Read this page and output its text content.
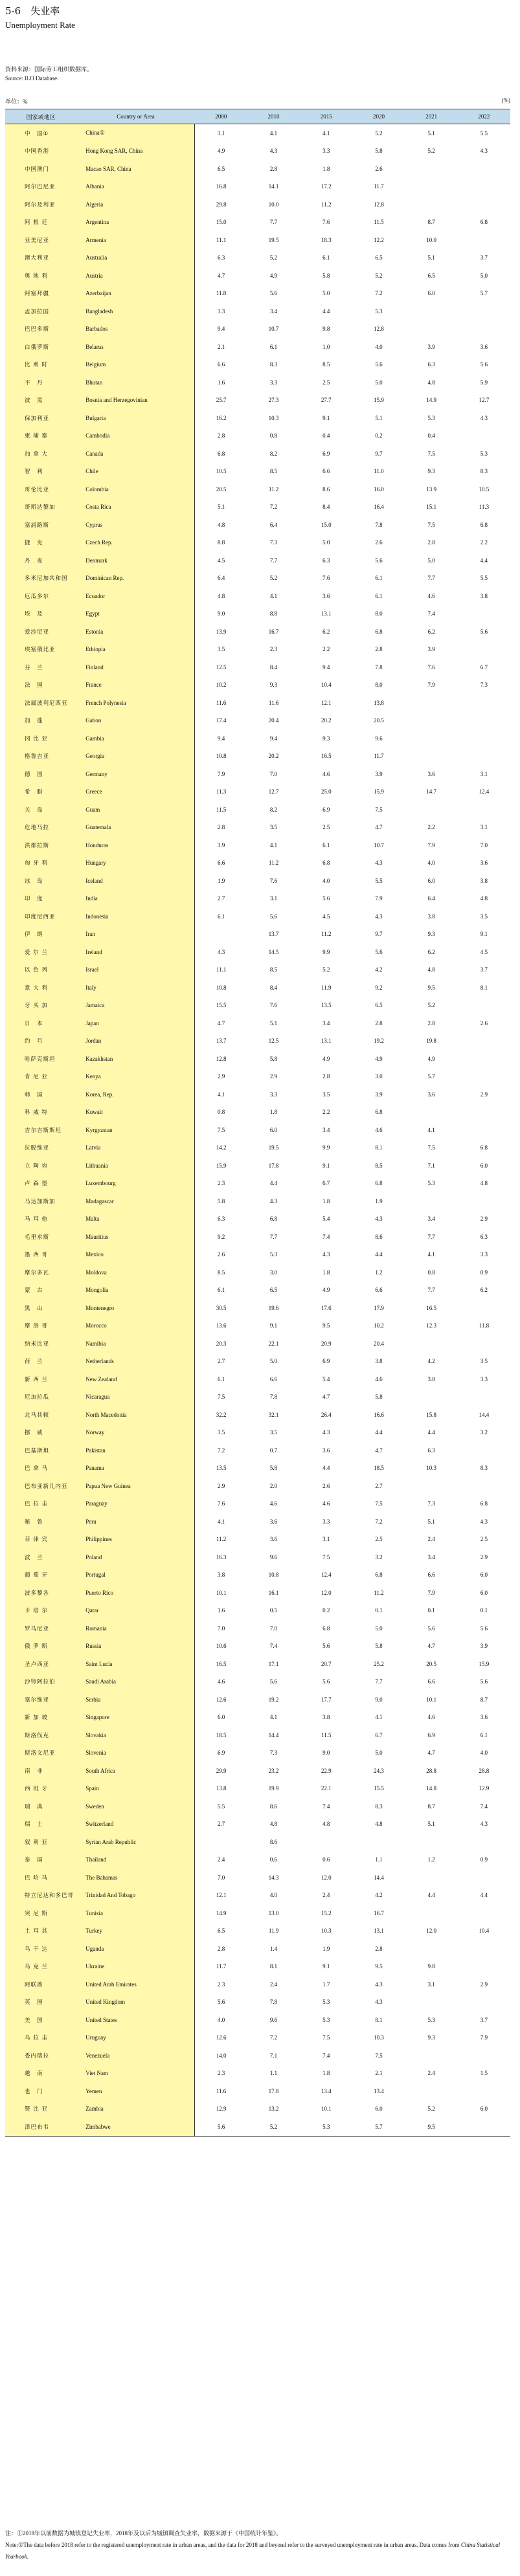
5-6 失业率
Unemployment Rate
资料来源：国际劳工组织数据库。
Source: ILO Database.
单位：%	(%)
国家或地区	Country or Area	2000	2010	2015	2020	2021	2022
中　国①	China①	3.1	4.1	4.1	5.2	5.1	5.5
中国香港	Hong Kong SAR, China	4.9	4.3	3.3	5.8	5.2	4.3
中国澳门	Macao SAR, China	6.5	2.8	1.8	2.6		
阿尔巴尼亚	Albania	16.8	14.1	17.2	11.7		
阿尔及利亚	Algeria	29.8	10.0	11.2	12.8		
阿 根 廷	Argentina	15.0	7.7	7.6	11.5	8.7	6.8
亚美尼亚	Armenia	11.1	19.5	18.3	12.2	10.0	
澳大利亚	Australia	6.3	5.2	6.1	6.5	5.1	3.7
奥 地 利	Austria	4.7	4.9	5.8	5.2	6.5	5.0
阿塞拜疆	Azerbaijan	11.8	5.6	5.0	7.2	6.0	5.7
孟加拉国	Bangladesh	3.3	3.4	4.4	5.3		
巴巴多斯	Barbados	9.4	10.7	9.8	12.8		
白俄罗斯	Belarus	2.1	6.1	1.0	4.0	3.9	3.6
比 利 时	Belgium	6.6	8.3	8.5	5.6	6.3	5.6
不　丹	Bhutan	1.6	3.3	2.5	5.0	4.8	5.9
波　黑	Bosnia and Herzegovinian	25.7	27.3	27.7	15.9	14.9	12.7
保加利亚	Bulgaria	16.2	10.3	9.1	5.1	5.3	4.3
柬 埔 寨	Cambodia	2.8	0.8	0.4	0.2	0.4	
加 拿 大	Canada	6.8	8.2	6.9	9.7	7.5	5.3
智　利	Chile	10.5	8.5	6.6	11.0	9.3	8.3
哥伦比亚	Colombia	20.5	11.2	8.6	16.0	13.9	10.5
哥斯达黎加	Costa Rica	5.1	7.2	8.4	16.4	15.1	11.3
塞浦路斯	Cyprus	4.8	6.4	15.0	7.8	7.5	6.8
捷　克	Czech Rep.	8.8	7.3	5.0	2.6	2.8	2.2
丹　麦	Denmark	4.5	7.7	6.3	5.6	5.0	4.4
多米尼加共和国	Dominican Rep.	6.4	5.2	7.6	6.1	7.7	5.5
厄瓜多尔	Ecuador	4.8	4.1	3.6	6.1	4.6	3.8
埃　及	Egypt	9.0	8.8	13.1	8.0	7.4	
爱沙尼亚	Estonia	13.9	16.7	6.2	6.8	6.2	5.6
埃塞俄比亚	Ethiopia	3.5	2.3	2.2	2.8	3.9	
芬　兰	Finland	12.5	8.4	9.4	7.8	7.6	6.7
法　国	France	10.2	9.3	10.4	8.0	7.9	7.3
法属波利尼西亚	French Polynesia	11.6	11.6	12.1	13.8		
加　蓬	Gabon	17.4	20.4	20.2	20.5		
冈 比 亚	Gambia	9.4	9.4	9.3	9.6		
格鲁吉亚	Georgia	10.8	20.2	16.5	11.7		
德　国	Germany	7.9	7.0	4.6	3.9	3.6	3.1
希　腊	Greece	11.3	12.7	25.0	15.9	14.7	12.4
关　岛	Guam	11.5	8.2	6.9	7.5		
危地马拉	Guatemala	2.8	3.5	2.5	4.7	2.2	3.1
洪都拉斯	Honduras	3.9	4.1	6.1	10.7	7.9	7.0
匈 牙 利	Hungary	6.6	11.2	6.8	4.3	4.0	3.6
冰　岛	Iceland	1.9	7.6	4.0	5.5	6.0	3.8
印　度	India	2.7	3.1	5.6	7.9	6.4	4.8
印度尼西亚	Indonesia	6.1	5.6	4.5	4.3	3.8	3.5
伊　朗	Iran		13.7	11.2	9.7	9.3	9.1
爱 尔 兰	Ireland	4.3	14.5	9.9	5.6	6.2	4.5
以 色 列	Israel	11.1	8.5	5.2	4.2	4.8	3.7
意 大 利	Italy	10.8	8.4	11.9	9.2	9.5	8.1
牙 买 加	Jamaica	15.5	7.6	13.5	6.5	5.2	
日　本	Japan	4.7	5.1	3.4	2.8	2.8	2.6
约　旦	Jordan	13.7	12.5	13.1	19.2	19.8	
哈萨克斯坦	Kazakhstan	12.8	5.8	4.9	4.9	4.9	
肯 尼 亚	Kenya	2.9	2.9	2.8	3.0	5.7	
韩　国	Korea, Rep.	4.1	3.3	3.5	3.9	3.6	2.9
科 威 特	Kuwait	0.8	1.8	2.2	6.8		
吉尔吉斯斯坦	Kyrgyzstan	7.5	6.0	3.4	4.6	4.1	
拉脱维亚	Latvia	14.2	19.5	9.9	8.1	7.5	6.8
立 陶 宛	Lithuania	15.9	17.8	9.1	8.5	7.1	6.0
卢 森 堡	Luxembourg	2.3	4.4	6.7	6.8	5.3	4.8
马达加斯加	Madagascar	5.8	4.3	1.8	1.9		
马 耳 他	Malta	6.3	6.8	5.4	4.3	3.4	2.9
毛里求斯	Mauritius	9.2	7.7	7.4	8.6	7.7	6.3
墨 西 哥	Mexico	2.6	5.3	4.3	4.4	4.1	3.3
摩尔多瓦	Moldova	8.5	3.0	1.8	1.2	0.8	0.9
蒙　古	Mongolia	6.1	6.5	4.9	6.6	7.7	6.2
黑　山	Montenegro	30.5	19.6	17.6	17.9	16.5	
摩 洛 哥	Morocco	13.6	9.1	9.5	10.2	12.3	11.8
纳米比亚	Namibia	20.3	22.1	20.9	20.4		
荷　兰	Netherlands	2.7	5.0	6.9	3.8	4.2	3.5
新 西 兰	New Zealand	6.1	6.6	5.4	4.6	3.8	3.3
尼加拉瓜	Nicaragua	7.5	7.8	4.7	5.8		
北马其顿	North Macedonia	32.2	32.1	26.4	16.6	15.8	14.4
挪　威	Norway	3.5	3.5	4.3	4.4	4.4	3.2
巴基斯坦	Pakistan	7.2	0.7	3.6	4.7	6.3	
巴 拿 马	Panama	13.5	5.8	4.4	18.5	10.3	8.3
巴布亚新几内亚	Papua New Guinea	2.9	2.0	2.6	2.7		
巴 拉 圭	Paraguay	7.6	4.6	4.6	7.5	7.3	6.8
秘　鲁	Peru	4.1	3.6	3.3	7.2	5.1	4.3
菲 律 宾	Philippines	11.2	3.6	3.1	2.5	2.4	2.5
波　兰	Poland	16.3	9.6	7.5	3.2	3.4	2.9
葡 萄 牙	Portugal	3.8	10.8	12.4	6.8	6.6	6.0
波多黎各	Puerto Rico	10.1	16.1	12.0	11.2	7.9	6.0
卡 塔 尔	Qatar	1.6	0.5	0.2	0.1	0.1	0.1
罗马尼亚	Romania	7.0	7.0	6.8	5.0	5.6	5.6
俄 罗 斯	Russia	10.6	7.4	5.6	5.8	4.7	3.9
圣卢西亚	Saint Lucia	16.5	17.1	20.7	25.2	20.5	15.9
沙特阿拉伯	Saudi Arabia	4.6	5.6	5.6	7.7	6.6	5.6
塞尔维亚	Serbia	12.6	19.2	17.7	9.0	10.1	8.7
新 加 坡	Singapore	6.0	4.1	3.8	4.1	4.6	3.6
斯洛伐克	Slovakia	18.5	14.4	11.5	6.7	6.9	6.1
斯洛文尼亚	Slovenia	6.9	7.3	9.0	5.0	4.7	4.0
南　非	South Africa	29.9	23.2	22.9	24.3	28.8	28.8
西 班 牙	Spain	13.8	19.9	22.1	15.5	14.8	12.9
瑞　典	Sweden	5.5	8.6	7.4	8.3	8.7	7.4
瑞　士	Switzerland	2.7	4.8	4.8	4.8	5.1	4.3
叙 利 亚	Syrian Arab Republic		8.6				
泰　国	Thailand	2.4	0.6	0.6	1.1	1.2	0.9
巴 哈 马	The Bahamas	7.0	14.3	12.0	14.4		
特立尼达和多巴哥	Trinidad And Tobago	12.1	4.0	2.4	4.2	4.4	4.4
突 尼 斯	Tunisia	14.9	13.0	15.2	16.7		
土 耳 其	Turkey	6.5	11.9	10.3	13.1	12.0	10.4
乌 干 达	Uganda	2.8	1.4	1.9	2.8		
乌 克 兰	Ukraine	11.7	8.1	9.1	9.5	9.8	
阿联酋	United Arab Emirates	2.3	2.4	1.7	4.3	3.1	2.9
英　国	United Kingdom	5.6	7.8	5.3	4.3		
美　国	United States	4.0	9.6	5.3	8.1	5.3	3.7
乌 拉 圭	Uruguay	12.6	7.2	7.5	10.3	9.3	7.9
委内瑞拉	Venezuela	14.0	7.1	7.4	7.5		
越　南	Viet Nam	2.3	1.1	1.8	2.1	2.4	1.5
也　门	Yemen	11.6	17.8	13.4	13.4		
赞 比 亚	Zambia	12.9	13.2	10.1	6.0	5.2	6.0
津巴布韦	Zimbabwe	5.6	5.2	5.3	5.7	9.5	
注：①2018年以前数据为城镇登记失业率，2018年及以后为城镇调查失业率，数据来源于《中国统计年鉴》。
Note:①The data before 2018 refer to the registered unemployment rate in urban areas, and the data for 2018 and beyond refer to the surveyed unemployment rate in urban areas. Data comes from China Statistical Yearbook.
